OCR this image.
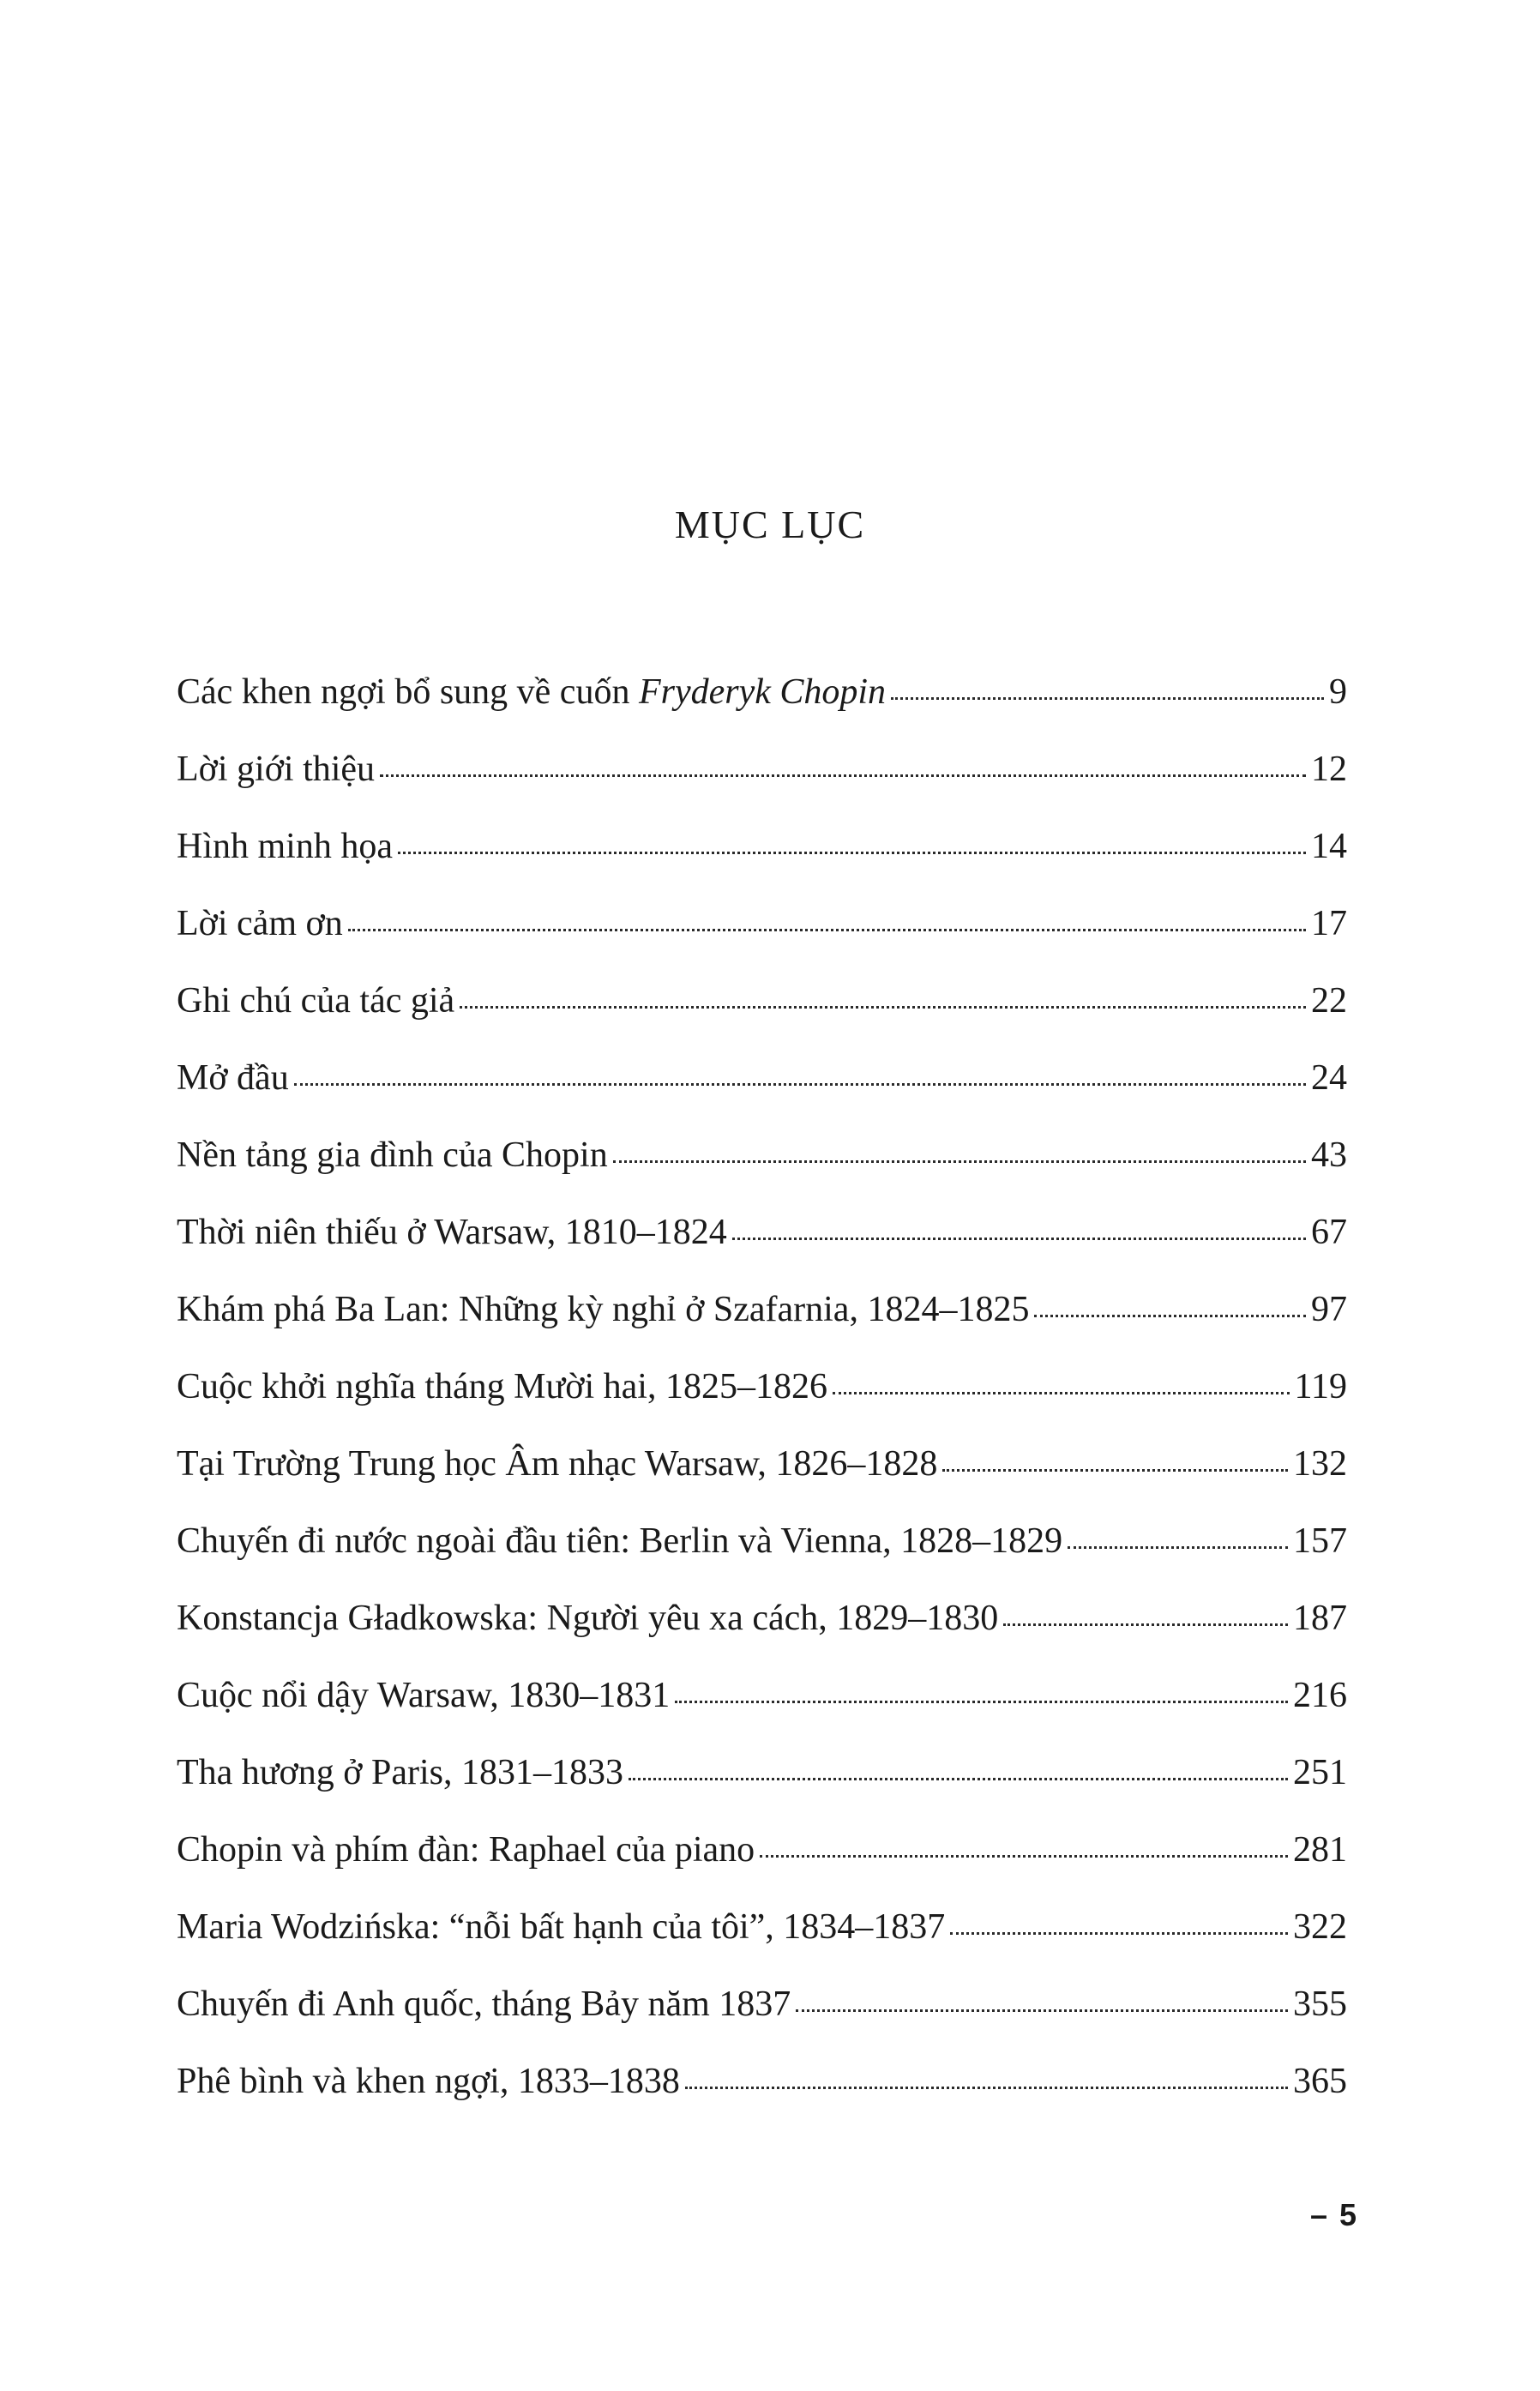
MỤC LỤC
Các khen ngợi bổ sung về cuốn Fryderyk Chopin	9
Lời giới thiệu	12
Hình minh họa	14
Lời cảm ơn	17
Ghi chú của tác giả	22
Mở đầu	24
Nền tảng gia đình của Chopin	43
Thời niên thiếu ở Warsaw, 1810–1824	67
Khám phá Ba Lan: Những kỳ nghỉ ở Szafarnia, 1824–1825	97
Cuộc khởi nghĩa tháng Mười hai, 1825–1826	119
Tại Trường Trung học Âm nhạc Warsaw, 1826–1828	132
Chuyến đi nước ngoài đầu tiên: Berlin và Vienna, 1828–1829	157
Konstancja Gładkowska: Người yêu xa cách, 1829–1830	187
Cuộc nổi dậy Warsaw, 1830–1831	216
Tha hương ở Paris, 1831–1833	251
Chopin và phím đàn: Raphael của piano	281
Maria Wodzińska: “nỗi bất hạnh của tôi”, 1834–1837	322
Chuyến đi Anh quốc, tháng Bảy năm 1837	355
Phê bình và khen ngợi, 1833–1838	365
– 5
